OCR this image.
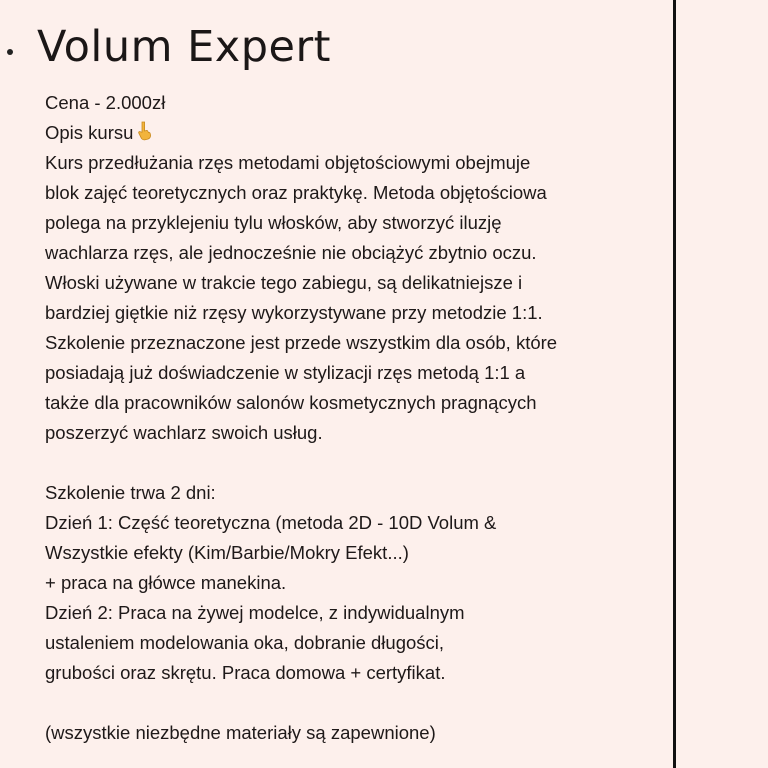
Volum Expert
Cena - 2.000zł
Opis kursu
Kurs przedłużania rzęs metodami objętościowymi obejmuje
blok zajęć teoretycznych oraz praktykę. Metoda objętościowa
polega na przyklejeniu tylu włosków, aby stworzyć iluzję
wachlarza rzęs, ale jednocześnie nie obciążyć zbytnio oczu.
Włoski używane w trakcie tego zabiegu, są delikatniejsze i
bardziej giętkie niż rzęsy wykorzystywane przy metodzie 1:1.
Szkolenie przeznaczone jest przede wszystkim dla osób, które
posiadają już doświadczenie w stylizacji rzęs metodą 1:1 a
także dla pracowników salonów kosmetycznych pragnących
poszerzyć wachlarz swoich usług.
Szkolenie trwa 2 dni:
Dzień 1: Część teoretyczna (metoda 2D - 10D Volum &
Wszystkie efekty (Kim/Barbie/Mokry Efekt...)
+ praca na główce manekina.
Dzień 2: Praca na żywej modelce, z indywidualnym
ustaleniem modelowania oka, dobranie długości,
grubości oraz skrętu. Praca domowa + certyfikat.
(wszystkie niezbędne materiały są zapewnione)
